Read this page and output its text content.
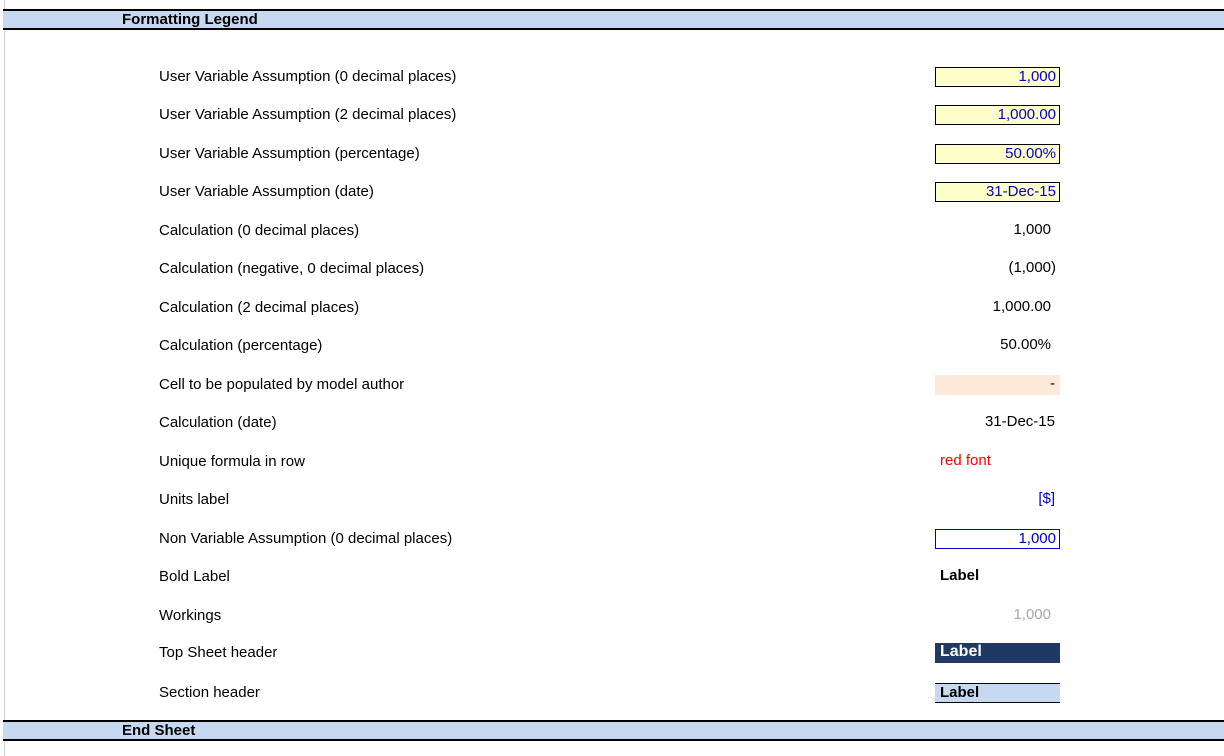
Formatting Legend
User Variable Assumption (0 decimal places)	1,000
User Variable Assumption (2 decimal places)	1,000.00
User Variable Assumption (percentage)	50.00%
User Variable Assumption (date)	31-Dec-15
Calculation (0 decimal places)	1,000
Calculation (negative, 0 decimal places)	(1,000)
Calculation (2 decimal places)	1,000.00
Calculation (percentage)	50.00%
Cell to be populated by model author	-
Calculation (date)	31-Dec-15
Unique formula in row	red font
Units label	[$]
Non Variable Assumption (0 decimal places)	1,000
Bold Label	Label
Workings	1,000
Top Sheet header	Label
Section header	Label
End Sheet
